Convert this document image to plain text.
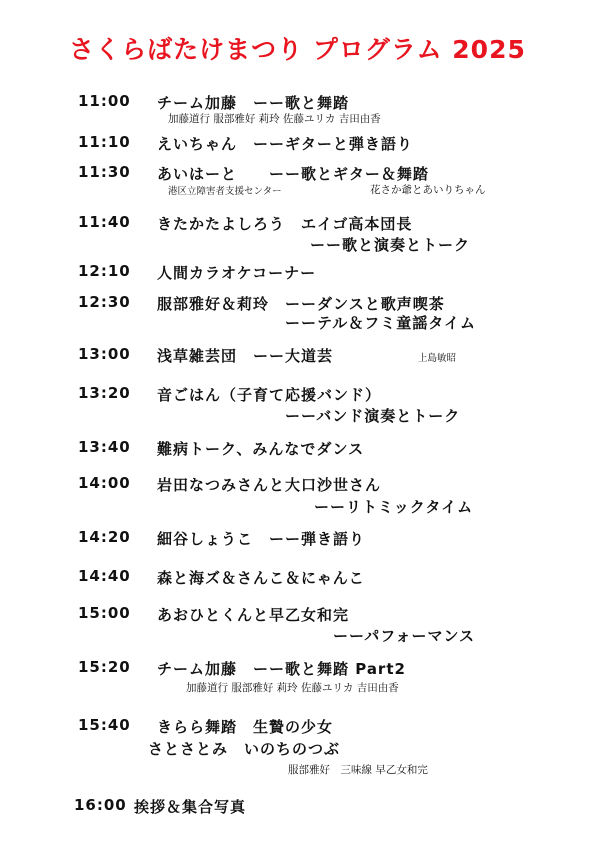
さくらばたけまつり プログラム 2025
11:00 チーム加藤　ーー歌と舞踏
加藤道行 服部雅好 莉玲 佐藤ユリカ 吉田由香
11:10 えいちゃん　ーーギターと弾き語り
11:30 あいはーと　　ーー歌とギター＆舞踏
港区立障害者支援センター	花さか爺とあいりちゃん
11:40 きたかたよしろう　エイゴ高本団長
ーー歌と演奏とトーク
12:10 人間カラオケコーナー
12:30 服部雅好＆莉玲　ーーダンスと歌声喫茶
ーーテル＆フミ童謡タイム
13:00 浅草雑芸団　ーー大道芸	上島敏昭
13:20 音ごはん（子育て応援バンド）
ーーバンド演奏とトーク
13:40 難病トーク、みんなでダンス
14:00 岩田なつみさんと大口沙世さん
ーーリトミックタイム
14:20 細谷しょうこ　ーー弾き語り
14:40 森と海ズ＆さんこ＆にゃんこ
15:00 あおひとくんと早乙女和完
ーーパフォーマンス
15:20 チーム加藤　ーー歌と舞踏 Part2
加藤道行 服部雅好 莉玲 佐藤ユリカ 吉田由香
15:40 きらら舞踏　生贄の少女
さとさとみ　いのちのつぶ
服部雅好　三味線 早乙女和完
16:00 挨拶＆集合写真
